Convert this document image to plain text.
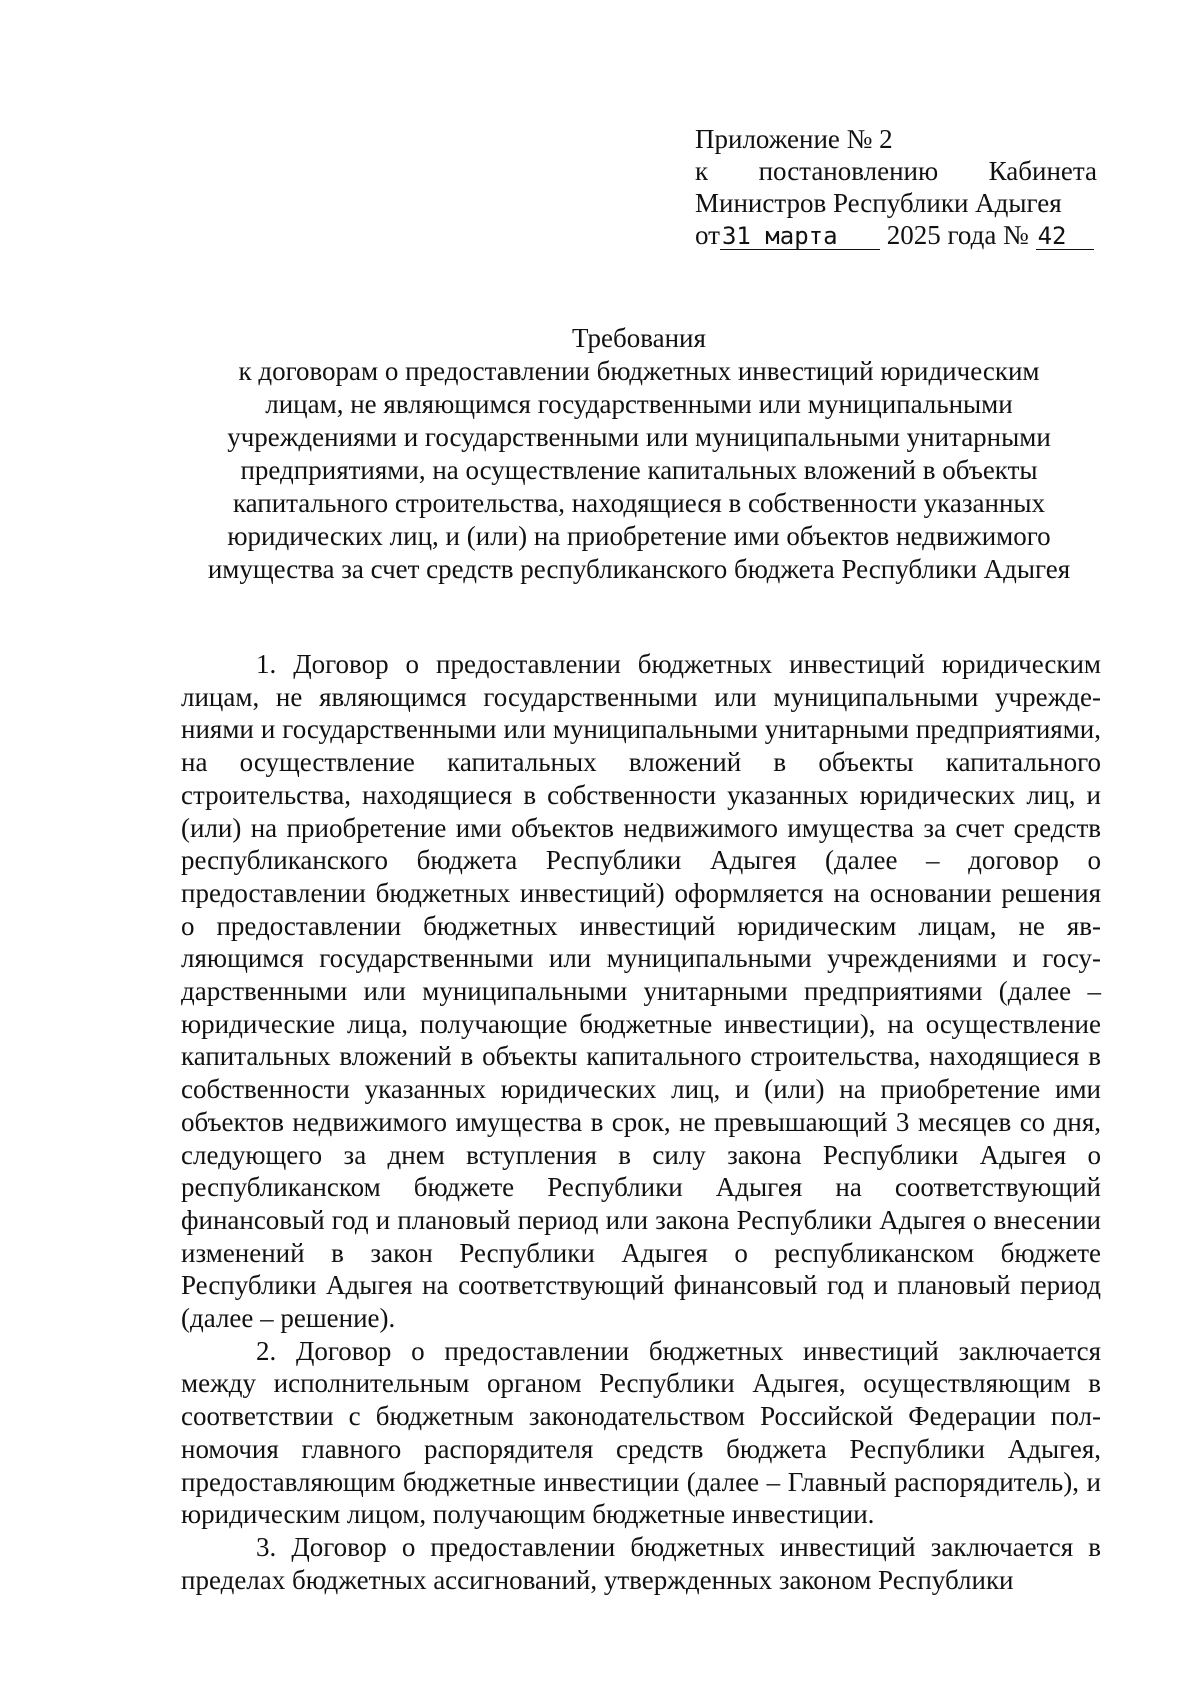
Приложение № 2
к постановлению Кабинета
Министров Республики Адыгея
от31 марта 2025 года № 42
Требования
к договорам о предоставлении бюджетных инвестиций юридическим
лицам, не являющимся государственными или муниципальными
учреждениями и государственными или муниципальными унитарными
предприятиями, на осуществление капитальных вложений в объекты
капитального строительства, находящиеся в собственности указанных
юридических лиц, и (или) на приобретение ими объектов недвижимого
имущества за счет средств республиканского бюджета Республики Адыгея

1. Договор о предоставлении бюджетных инвестиций юридическим лицам, не являющимся государственными или муниципальными учреждениями и государственными или муниципальными унитарными предприятиями, на осуществление капитальных вложений в объекты капитального строительства, находящиеся в собственности указанных юридических лиц, и (или) на приобретение ими объектов недвижимого имущества за счет средств республиканского бюджета Республики Адыгея (далее – договор о предоставлении бюджетных инвестиций) оформляется на основании решения о предоставлении бюджетных инвестиций юридическим лицам, не являющимся государственными или муниципальными учреждениями и государственными или муниципальными унитарными предприятиями (далее – юридические лица, получающие бюджетные инвестиции), на осуществление капитальных вложений в объекты капитального строительства, находящиеся в собственности указанных юридических лиц, и (или) на приобретение ими объектов недвижимого имущества в срок, не превышающий 3 месяцев со дня, следующего за днем вступления в силу закона Республики Адыгея о республиканском бюджете Республики Адыгея на соответствующий финансовый год и плановый период или закона Республики Адыгея о внесении изменений в закон Республики Адыгея о республиканском бюджете Республики Адыгея на соответствующий финансовый год и плановый период (далее – решение).

2. Договор о предоставлении бюджетных инвестиций заключается между исполнительным органом Республики Адыгея, осуществляющим в соответствии с бюджетным законодательством Российской Федерации полномочия главного распорядителя средств бюджета Республики Адыгея, предоставляющим бюджетные инвестиции (далее – Главный распорядитель), и юридическим лицом, получающим бюджетные инвестиции.

3. Договор о предоставлении бюджетных инвестиций заключается в пределах бюджетных ассигнований, утвержденных законом Республики
